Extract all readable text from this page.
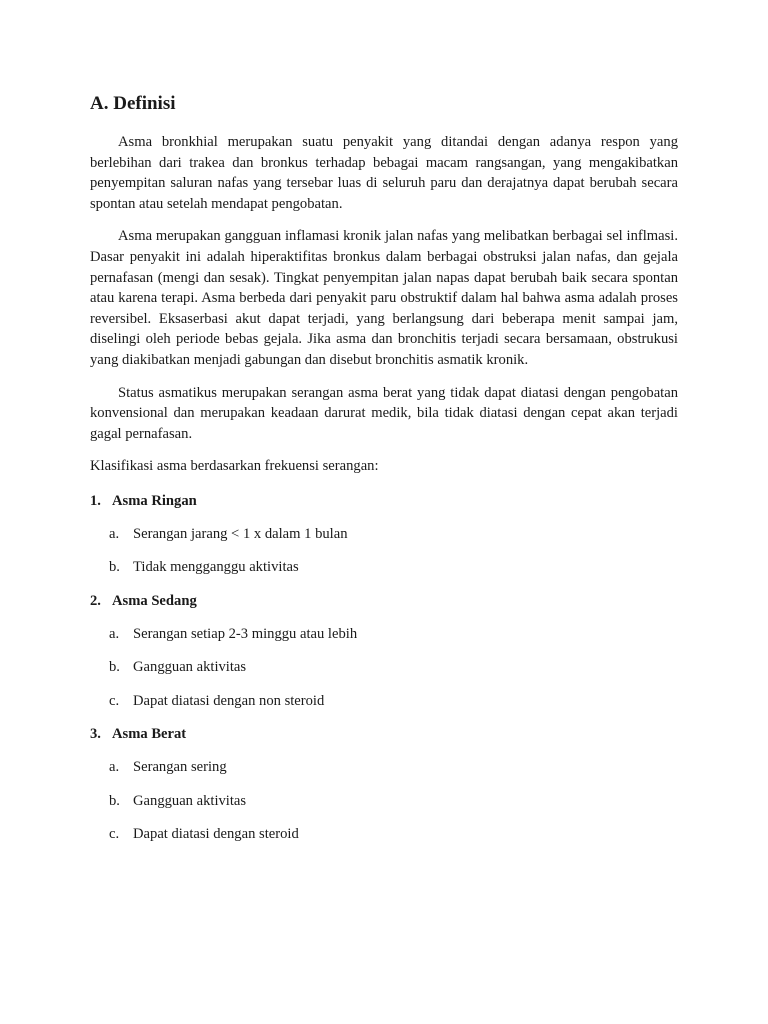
A. Definisi

Asma bronkhial merupakan suatu penyakit yang ditandai dengan adanya respon yang berlebihan dari trakea dan bronkus terhadap bebagai macam rangsangan, yang mengakibatkan penyempitan saluran nafas yang tersebar luas di seluruh paru dan derajatnya dapat berubah secara spontan atau setelah mendapat pengobatan.

Asma merupakan gangguan inflamasi kronik jalan nafas yang melibatkan berbagai sel inflmasi. Dasar penyakit ini adalah hiperaktifitas bronkus dalam berbagai obstruksi jalan nafas, dan gejala pernafasan (mengi dan sesak). Tingkat penyempitan jalan napas dapat berubah baik secara spontan atau karena terapi. Asma berbeda dari penyakit paru obstruktif dalam hal bahwa asma adalah proses reversibel. Eksaserbasi akut dapat terjadi, yang berlangsung dari beberapa menit sampai jam, diselingi oleh periode bebas gejala. Jika asma dan bronchitis terjadi secara bersamaan, obstrukusi yang diakibatkan menjadi gabungan dan disebut bronchitis asmatik kronik.

Status asmatikus merupakan serangan asma berat yang tidak dapat diatasi dengan pengobatan konvensional dan merupakan keadaan darurat medik, bila tidak diatasi dengan cepat akan terjadi gagal pernafasan.

Klasifikasi asma berdasarkan frekuensi serangan:

1. Asma Ringan
a. Serangan jarang < 1 x dalam 1 bulan
b. Tidak mengganggu aktivitas
2. Asma Sedang
a. Serangan setiap 2-3 minggu atau lebih
b. Gangguan aktivitas
c. Dapat diatasi dengan non steroid
3. Asma Berat
a. Serangan sering
b. Gangguan aktivitas
c. Dapat diatasi dengan steroid
